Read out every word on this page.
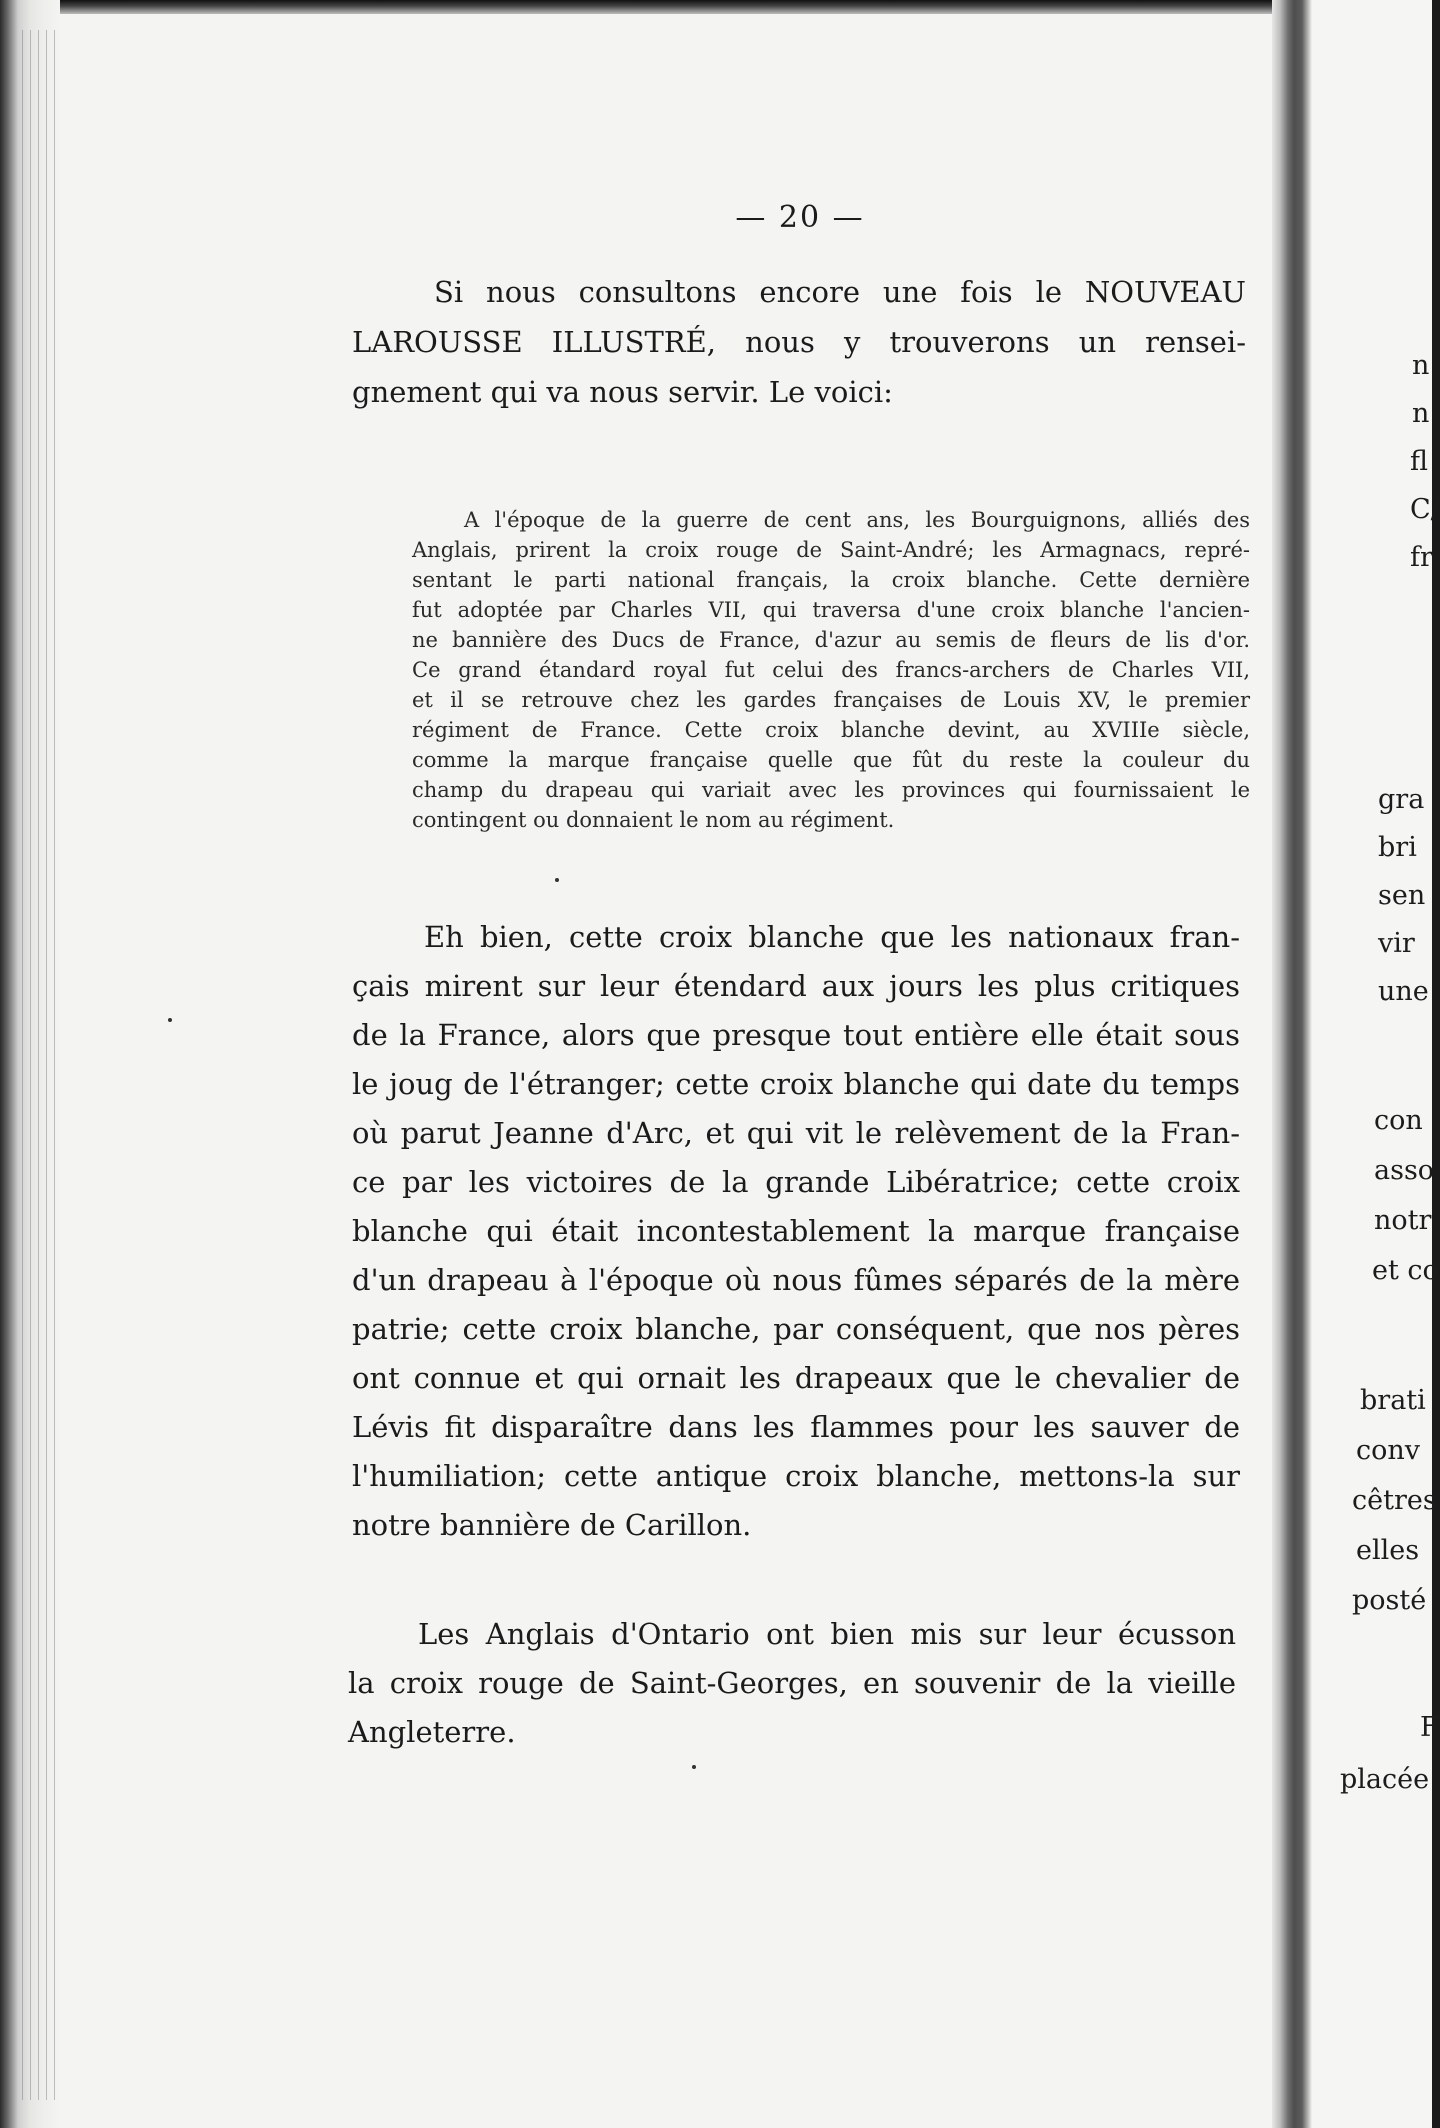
— 20 —
Si nous consultons encore une fois le NOUVEAU
LAROUSSE ILLUSTRÉ, nous y trouverons un rensei-
gnement qui va nous servir. Le voici:
A l'époque de la guerre de cent ans, les Bourguignons, alliés des
Anglais, prirent la croix rouge de Saint-André; les Armagnacs, repré-
sentant le parti national français, la croix blanche. Cette dernière
fut adoptée par Charles VII, qui traversa d'une croix blanche l'ancien-
ne bannière des Ducs de France, d'azur au semis de fleurs de lis d'or.
Ce grand étandard royal fut celui des francs-archers de Charles VII,
et il se retrouve chez les gardes françaises de Louis XV, le premier
régiment de France. Cette croix blanche devint, au XVIIIe siècle,
comme la marque française quelle que fût du reste la couleur du
champ du drapeau qui variait avec les provinces qui fournissaient le
contingent ou donnaient le nom au régiment.
Eh bien, cette croix blanche que les nationaux fran-
çais mirent sur leur étendard aux jours les plus critiques
de la France, alors que presque tout entière elle était sous
le joug de l'étranger; cette croix blanche qui date du temps
où parut Jeanne d'Arc, et qui vit le relèvement de la Fran-
ce par les victoires de la grande Libératrice; cette croix
blanche qui était incontestablement la marque française
d'un drapeau à l'époque où nous fûmes séparés de la mère
patrie; cette croix blanche, par conséquent, que nos pères
ont connue et qui ornait les drapeaux que le chevalier de
Lévis fit disparaître dans les flammes pour les sauver de
l'humiliation; cette antique croix blanche, mettons-la sur
notre bannière de Carillon.
Les Anglais d'Ontario ont bien mis sur leur écusson
la croix rouge de Saint-Georges, en souvenir de la vieille
Angleterre.
n
n
fl
C/
fr
gra
bri
sen
vir
une
con
asso
notr
et co
brati
conv
cêtres
elles
posté
F
placée
